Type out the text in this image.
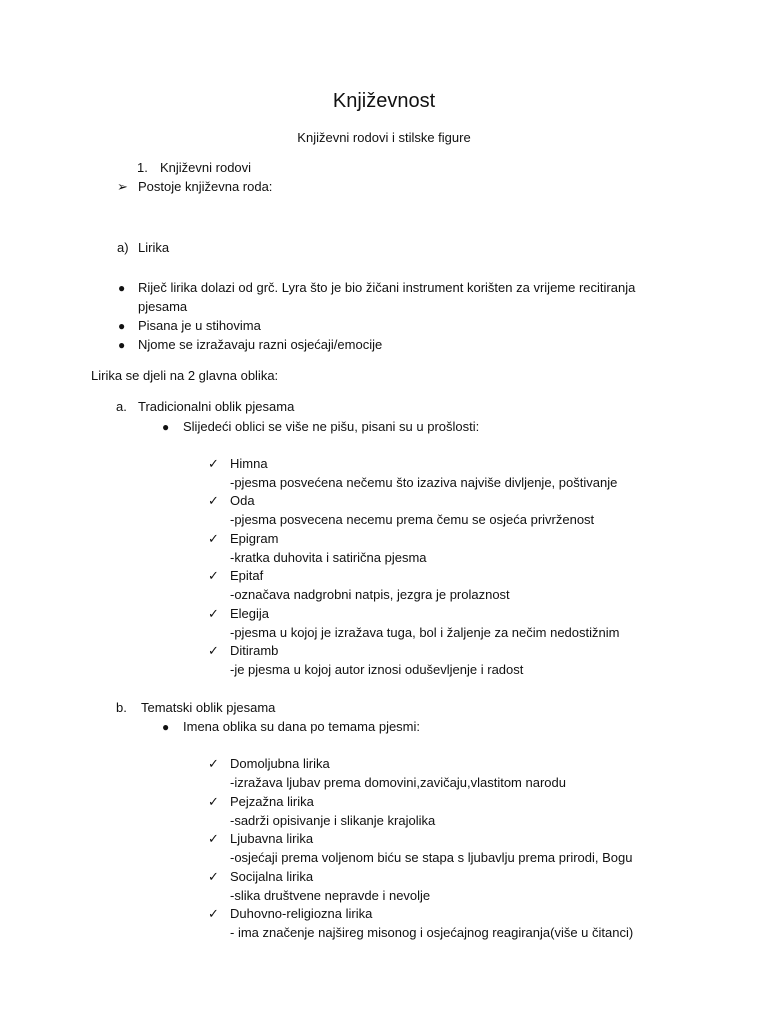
Književnost
Književni rodovi i stilske figure
1. Književni rodovi
➢ Postoje književna roda:
a) Lirika
● Riječ lirika dolazi od grč. Lyra što je bio žičani instrument korišten za vrijeme recitiranja
pjesama
● Pisana je u stihovima
● Njome se izražavaju razni osjećaji/emocije
Lirika se djeli na 2 glavna oblika:
a. Tradicionalni oblik pjesama
● Slijedeći oblici se više ne pišu, pisani su u prošlosti:
✓ Himna
-pjesma posvećena nečemu što izaziva najviše divljenje, poštivanje
✓ Oda
-pjesma posvecena necemu prema čemu se osjeća privrženost
✓ Epigram
-kratka duhovita i satirična pjesma
✓ Epitaf
-označava nadgrobni natpis, jezgra je prolaznost
✓ Elegija
-pjesma u kojoj je izražava tuga, bol i žaljenje za nečim nedostižnim
✓ Ditiramb
-je pjesma u kojoj autor iznosi oduševljenje i radost
b. Tematski oblik pjesama
● Imena oblika su dana po temama pjesmi:
✓ Domoljubna lirika
-izražava ljubav prema domovini,zavičaju,vlastitom narodu
✓ Pejzažna lirika
-sadrži opisivanje i slikanje krajolika
✓ Ljubavna lirika
-osjećaji prema voljenom biću se stapa s ljubavlju prema prirodi, Bogu
✓ Socijalna lirika
-slika društvene nepravde i nevolje
✓ Duhovno-religiozna lirika
- ima značenje najšireg misonog i osjećajnog reagiranja(više u čitanci)
